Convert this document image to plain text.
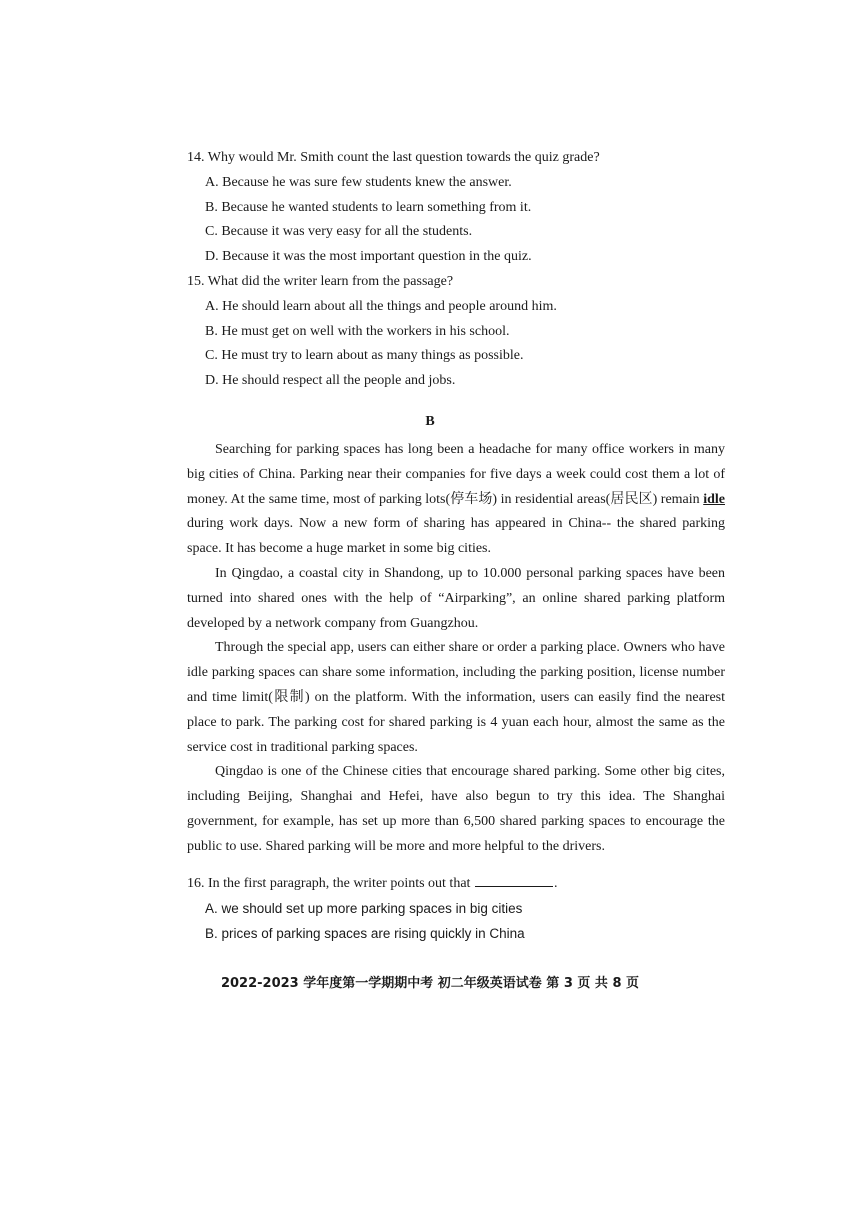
14. Why would Mr. Smith count the last question towards the quiz grade?
A. Because he was sure few students knew the answer.
B. Because he wanted students to learn something from it.
C. Because it was very easy for all the students.
D. Because it was the most important question in the quiz.
15. What did the writer learn from the passage?
A. He should learn about all the things and people around him.
B. He must get on well with the workers in his school.
C. He must try to learn about as many things as possible.
D. He should respect all the people and jobs.
B

Searching for parking spaces has long been a headache for many office workers in many big cities of China. Parking near their companies for five days a week could cost them a lot of money. At the same time, most of parking lots(停车场) in residential areas(居民区) remain idle during work days. Now a new form of sharing has appeared in China-- the shared parking space. It has become a huge market in some big cities.

In Qingdao, a coastal city in Shandong, up to 10.000 personal parking spaces have been turned into shared ones with the help of “Airparking”, an online shared parking platform developed by a network company from Guangzhou.

Through the special app, users can either share or order a parking place. Owners who have idle parking spaces can share some information, including the parking position, license number and time limit(限制) on the platform. With the information, users can easily find the nearest place to park. The parking cost for shared parking is 4 yuan each hour, almost the same as the service cost in traditional parking spaces.

Qingdao is one of the Chinese cities that encourage shared parking. Some other big cites, including Beijing, Shanghai and Hefei, have also begun to try this idea. The Shanghai government, for example, has set up more than 6,500 shared parking spaces to encourage the public to use. Shared parking will be more and more helpful to the drivers.

16. In the first paragraph, the writer points out that	.
A. we should set up more parking spaces in big cities
B. prices of parking spaces are rising quickly in China
2022-2023 学年度第一学期期中考 初二年级英语试卷 第 3 页 共 8 页
